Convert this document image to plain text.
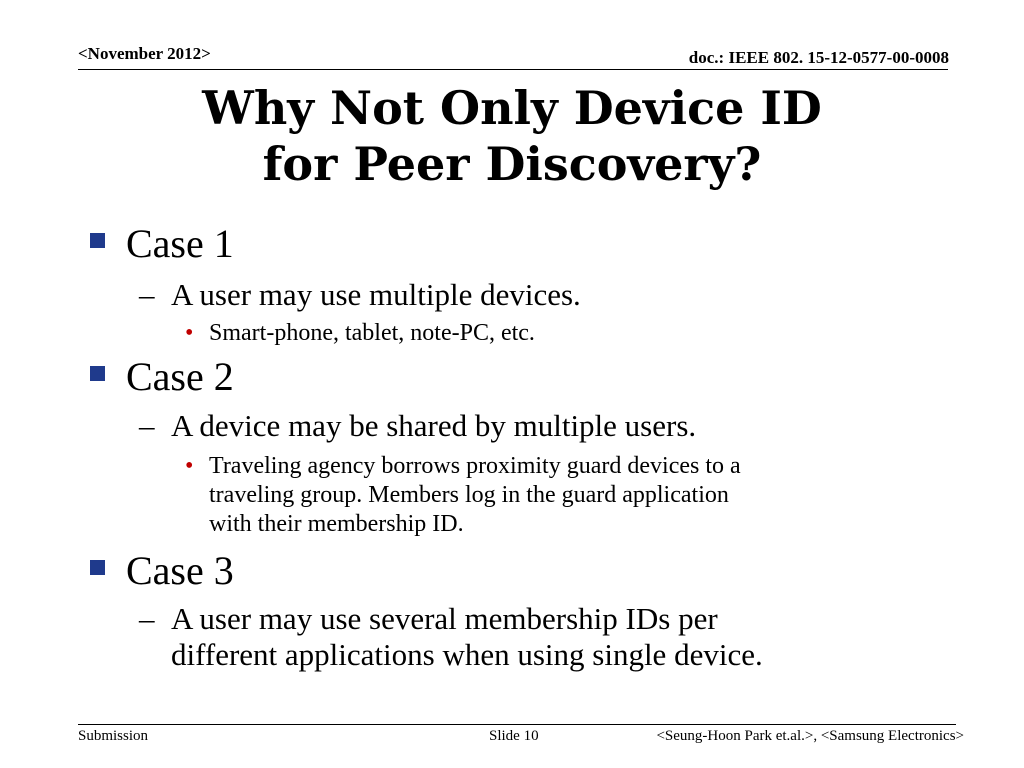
<November 2012>	doc.: IEEE 802. 15-12-0577-00-0008
Why Not Only Device ID
for Peer Discovery?
Case 1
– A user may use multiple devices.
• Smart-phone, tablet, note-PC, etc.
Case 2
– A device may be shared by multiple users.
• Traveling agency borrows proximity guard devices to a
traveling group. Members log in the guard application
with their membership ID.
Case 3
– A user may use several membership IDs per
different applications when using single device.
Submission	Slide 10	<Seung-Hoon Park et.al.>, <Samsung Electronics>
